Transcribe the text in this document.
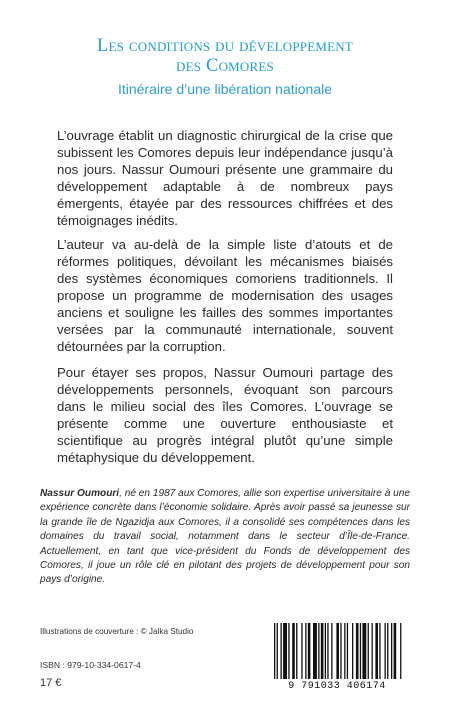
Les conditions du développement
des Comores
Itinéraire d’une libération nationale

L’ouvrage établit un diagnostic chirurgical de la crise que subissent les Comores depuis leur indépendance jusqu’à nos jours. Nassur Oumouri présente une grammaire du développement adaptable à de nombreux pays émergents, étayée par des ressources chiffrées et des témoignages inédits.

L’auteur va au-delà de la simple liste d’atouts et de réformes politiques, dévoilant les mécanismes biaisés des systèmes économiques comoriens traditionnels. Il propose un programme de modernisation des usages anciens et souligne les failles des sommes importantes versées par la communauté internationale, souvent détournées par la corruption.

Pour étayer ses propos, Nassur Oumouri partage des développements personnels, évoquant son parcours dans le milieu social des îles Comores. L’ouvrage se présente comme une ouverture enthousiaste et scientifique au progrès intégral plutôt qu’une simple métaphysique du développement.

Nassur Oumouri, né en 1987 aux Comores, allie son expertise universitaire à une expérience concrète dans l’économie solidaire. Après avoir passé sa jeunesse sur la grande île de Ngazidja aux Comores, il a consolidé ses compétences dans les domaines du travail social, notamment dans le secteur d’Île-de-France. Actuellement, en tant que vice-président du Fonds de développement des Comores, il joue un rôle clé en pilotant des projets de développement pour son pays d’origine.

Illustrations de couverture : © Jalka Studio
ISBN : 979-10-334-0617-4
17 €	9 791033 406174
